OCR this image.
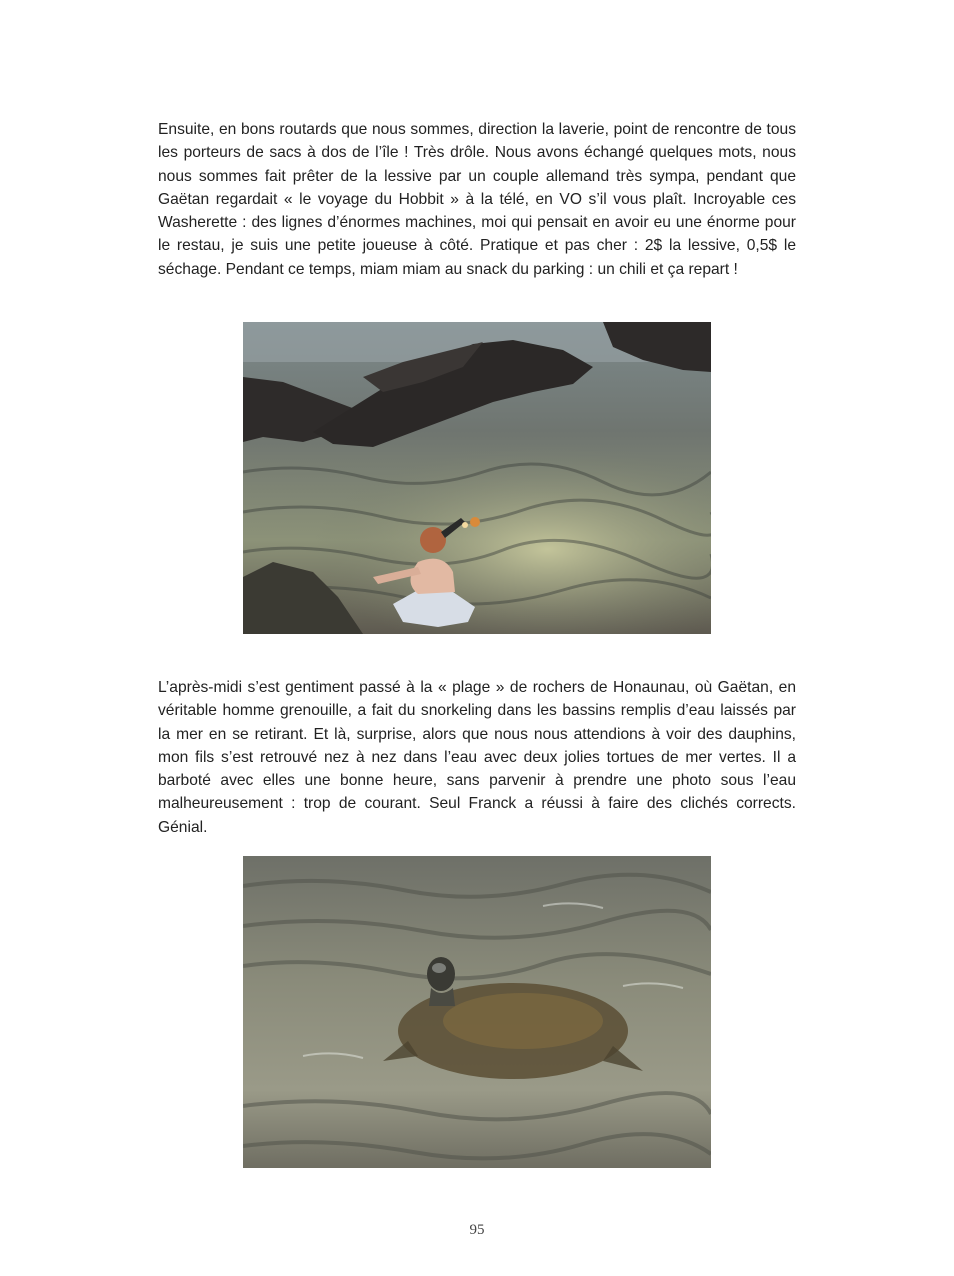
Ensuite, en bons routards que nous sommes, direction la laverie, point de rencontre de tous les porteurs de sacs à dos de l’île ! Très drôle. Nous avons échangé quelques mots, nous nous sommes fait prêter de la lessive par un couple allemand très sympa, pendant que Gaëtan regardait « le voyage du Hobbit » à la télé, en VO s’il vous plaît. Incroyable ces Washerette : des lignes d’énormes machines, moi qui pensait en avoir eu une énorme pour le restau, je suis une petite joueuse à côté. Pratique et pas cher : 2$ la lessive, 0,5$ le séchage. Pendant ce temps, miam miam au snack du parking : un chili et ça repart !

L’après-midi s’est gentiment passé à la « plage » de rochers de Honaunau, où Gaëtan, en véritable homme grenouille, a fait du snorkeling dans les bassins remplis d’eau laissés par la mer en se retirant. Et là, surprise, alors que nous nous attendions à voir des dauphins, mon fils s’est retrouvé nez à nez dans l’eau avec deux jolies tortues de mer vertes. Il a barboté avec elles une bonne heure, sans parvenir à prendre une photo sous l’eau malheureusement : trop de courant. Seul Franck a réussi à faire des clichés corrects. Génial.

95
